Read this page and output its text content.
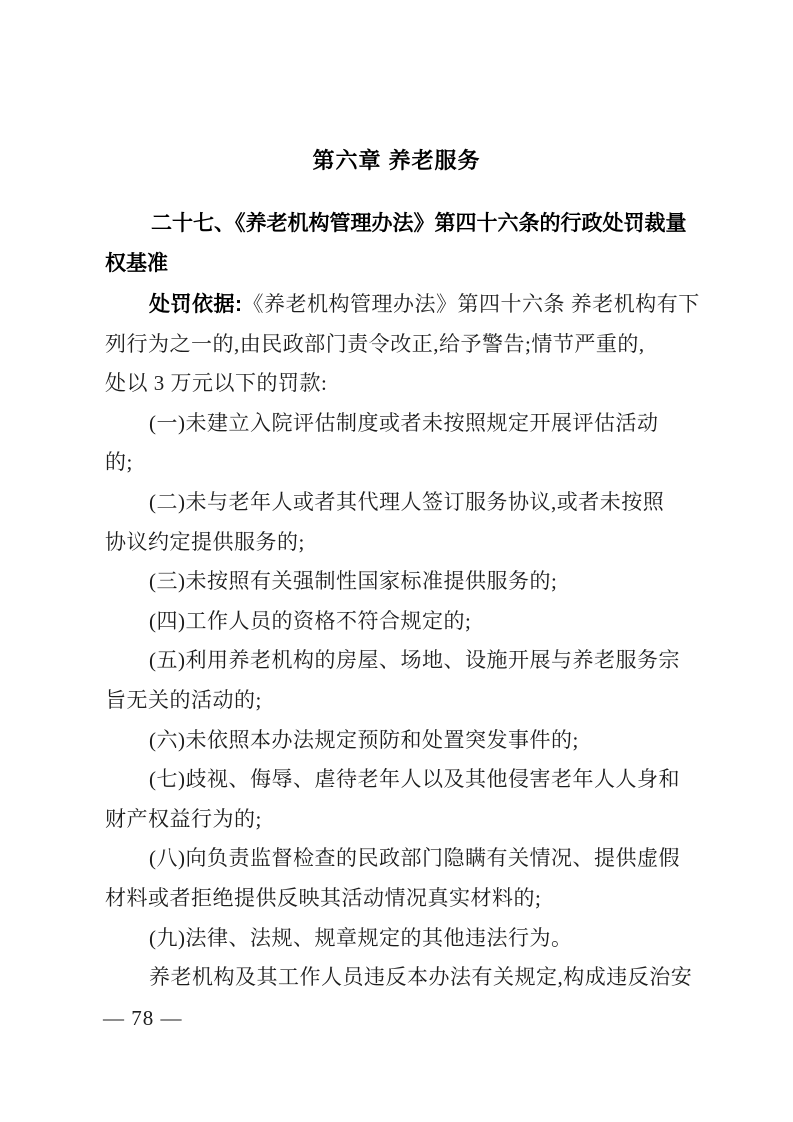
第六章 养老服务
二十七、《养老机构管理办法》第四十六条的行政处罚裁量
权基准
处罚依据:《养老机构管理办法》第四十六条 养老机构有下
列行为之一的,由民政部门责令改正,给予警告;情节严重的,
处以 3 万元以下的罚款:
(一)未建立入院评估制度或者未按照规定开展评估活动
的;
(二)未与老年人或者其代理人签订服务协议,或者未按照
协议约定提供服务的;
(三)未按照有关强制性国家标准提供服务的;
(四)工作人员的资格不符合规定的;
(五)利用养老机构的房屋、场地、设施开展与养老服务宗
旨无关的活动的;
(六)未依照本办法规定预防和处置突发事件的;
(七)歧视、侮辱、虐待老年人以及其他侵害老年人人身和
财产权益行为的;
(八)向负责监督检查的民政部门隐瞒有关情况、提供虚假
材料或者拒绝提供反映其活动情况真实材料的;
(九)法律、法规、规章规定的其他违法行为。
养老机构及其工作人员违反本办法有关规定,构成违反治安
— 78 —
